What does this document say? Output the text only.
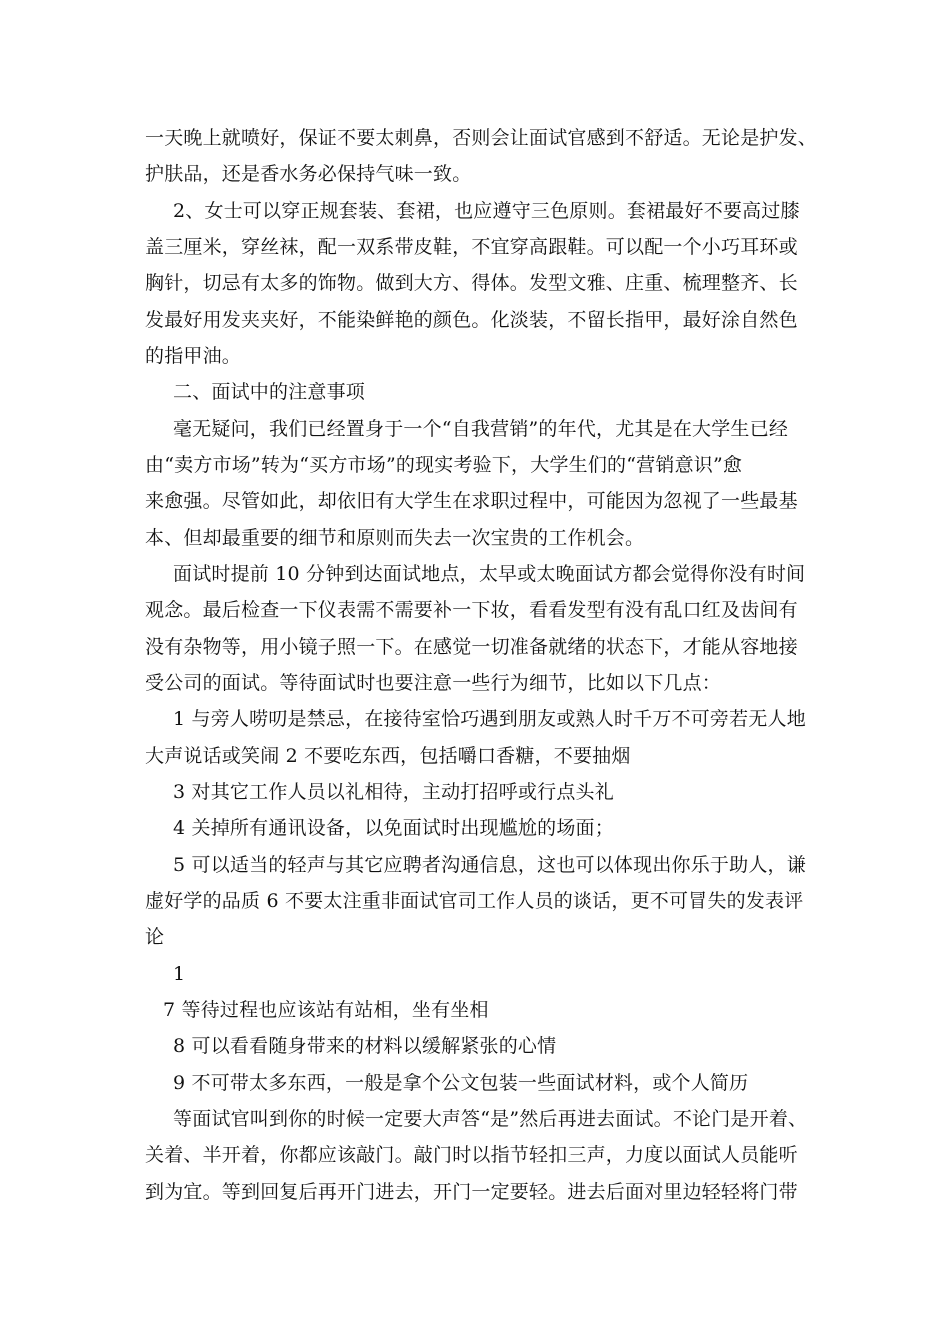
一天晚上就喷好，保证不要太刺鼻，否则会让面试官感到不舒适。无论是护发、
护肤品，还是香水务必保持气味一致。
2、女士可以穿正规套装、套裙，也应遵守三色原则。套裙最好不要高过膝
盖三厘米，穿丝袜，配一双系带皮鞋，不宜穿高跟鞋。可以配一个小巧耳环或
胸针，切忌有太多的饰物。做到大方、得体。发型文雅、庄重、梳理整齐、长
发最好用发夹夹好，不能染鲜艳的颜色。化淡装，不留长指甲，最好涂自然色
的指甲油。
二、面试中的注意事项
毫无疑问，我们已经置身于一个“自我营销”的年代，尤其是在大学生已经
由“卖方市场”转为“买方市场”的现实考验下，大学生们的“营销意识”愈
来愈强。尽管如此，却依旧有大学生在求职过程中，可能因为忽视了一些最基
本、但却最重要的细节和原则而失去一次宝贵的工作机会。
面试时提前 10 分钟到达面试地点，太早或太晚面试方都会觉得你没有时间
观念。最后检查一下仪表需不需要补一下妆，看看发型有没有乱口红及齿间有
没有杂物等，用小镜子照一下。在感觉一切准备就绪的状态下，才能从容地接
受公司的面试。等待面试时也要注意一些行为细节，比如以下几点：
1 与旁人唠叨是禁忌，在接待室恰巧遇到朋友或熟人时千万不可旁若无人地
大声说话或笑闹 2 不要吃东西，包括嚼口香糖，不要抽烟
3 对其它工作人员以礼相待，主动打招呼或行点头礼
4 关掉所有通讯设备，以免面试时出现尴尬的场面；
5 可以适当的轻声与其它应聘者沟通信息，这也可以体现出你乐于助人，谦
虚好学的品质 6 不要太注重非面试官司工作人员的谈话，更不可冒失的发表评
论
1
7 等待过程也应该站有站相，坐有坐相
8 可以看看随身带来的材料以缓解紧张的心情
9 不可带太多东西，一般是拿个公文包装一些面试材料，或个人简历
等面试官叫到你的时候一定要大声答“是”然后再进去面试。不论门是开着、
关着、半开着，你都应该敲门。敲门时以指节轻扣三声，力度以面试人员能听
到为宜。等到回复后再开门进去，开门一定要轻。进去后面对里边轻轻将门带
